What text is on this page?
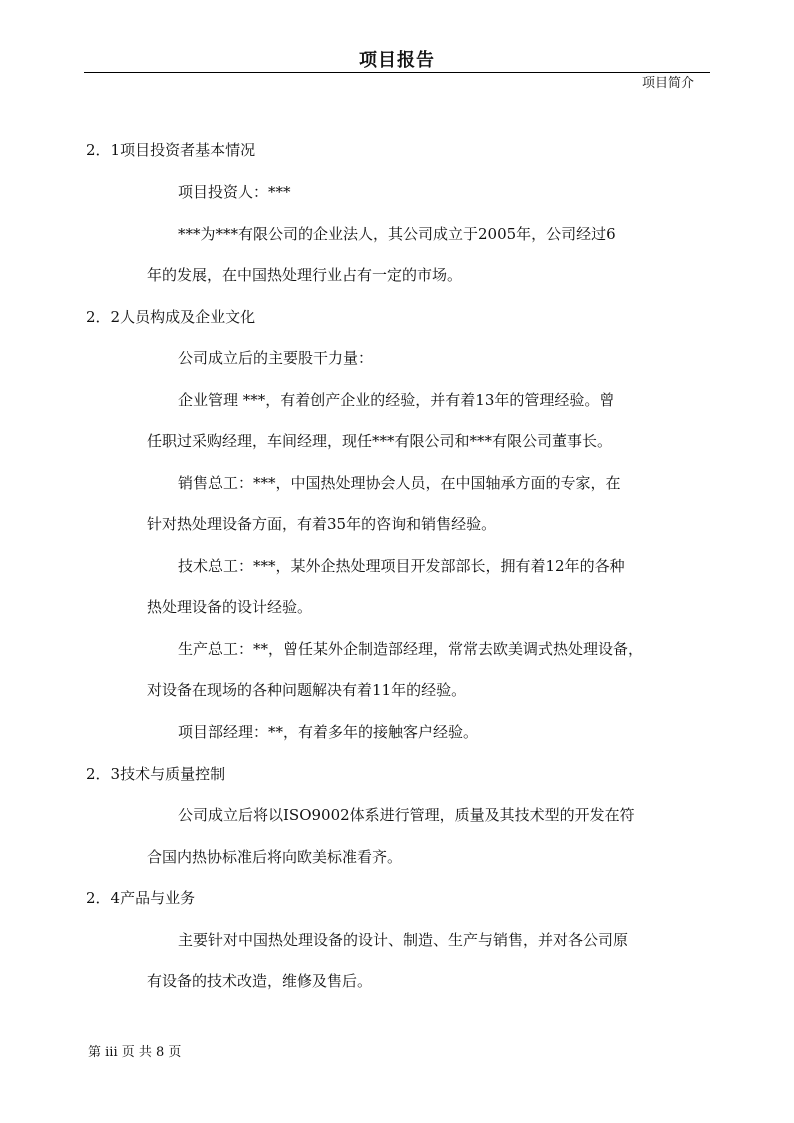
项目报告
项目简介
2．1项目投资者基本情况
项目投资人：***
***为***有限公司的企业法人，其公司成立于2005年，公司经过6
年的发展，在中国热处理行业占有一定的市场。
2．2人员构成及企业文化
公司成立后的主要股干力量：
企业管理 ***，有着创产企业的经验，并有着13年的管理经验。曾
任职过采购经理，车间经理，现任***有限公司和***有限公司董事长。
销售总工：***，中国热处理协会人员，在中国轴承方面的专家，在
针对热处理设备方面，有着35年的咨询和销售经验。
技术总工：***，某外企热处理项目开发部部长，拥有着12年的各种
热处理设备的设计经验。
生产总工：**，曾任某外企制造部经理，常常去欧美调式热处理设备，
对设备在现场的各种问题解决有着11年的经验。
项目部经理：**，有着多年的接触客户经验。
2．3技术与质量控制
公司成立后将以ISO9002体系进行管理，质量及其技术型的开发在符
合国内热协标准后将向欧美标准看齐。
2．4产品与业务
主要针对中国热处理设备的设计、制造、生产与销售，并对各公司原
有设备的技术改造，维修及售后。
第 iii 页 共 8 页
